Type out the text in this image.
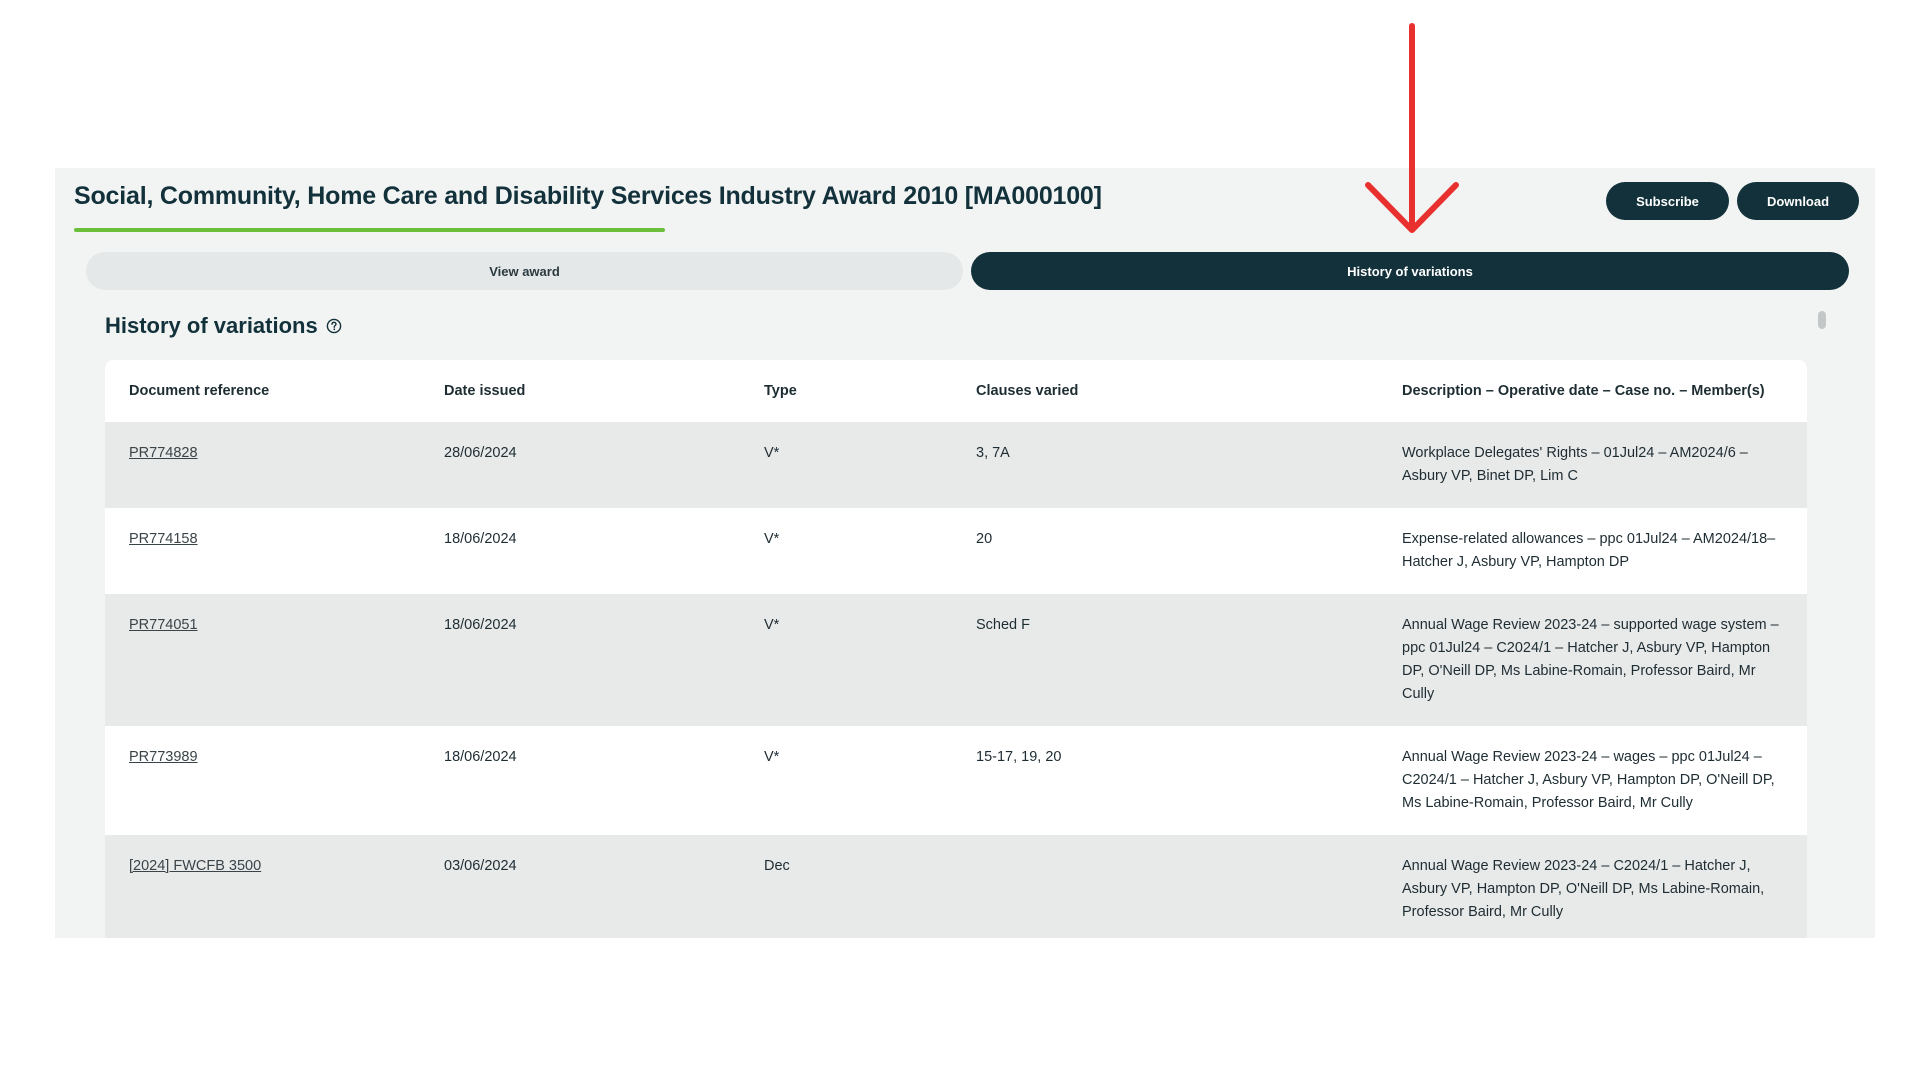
Social, Community, Home Care and Disability Services Industry Award 2010 [MA000100]	Subscribe	Download
View award	History of variations
History of variations
Document reference	Date issued	Type	Clauses varied	Description – Operative date – Case no. – Member(s)
PR774828	28/06/2024	V*	3, 7A	Workplace Delegates' Rights – 01Jul24 – AM2024/6 – Asbury VP, Binet DP, Lim C
PR774158	18/06/2024	V*	20	Expense-related allowances – ppc 01Jul24 – AM2024/18– Hatcher J, Asbury VP, Hampton DP
PR774051	18/06/2024	V*	Sched F	Annual Wage Review 2023-24 – supported wage system – ppc 01Jul24 – C2024/1 – Hatcher J, Asbury VP, Hampton DP, O'Neill DP, Ms Labine-Romain, Professor Baird, Mr Cully
PR773989	18/06/2024	V*	15-17, 19, 20	Annual Wage Review 2023-24 – wages – ppc 01Jul24 – C2024/1 – Hatcher J, Asbury VP, Hampton DP, O'Neill DP, Ms Labine-Romain, Professor Baird, Mr Cully
[2024] FWCFB 3500	03/06/2024	Dec		Annual Wage Review 2023-24 – C2024/1 – Hatcher J, Asbury VP, Hampton DP, O'Neill DP, Ms Labine-Romain, Professor Baird, Mr Cully
